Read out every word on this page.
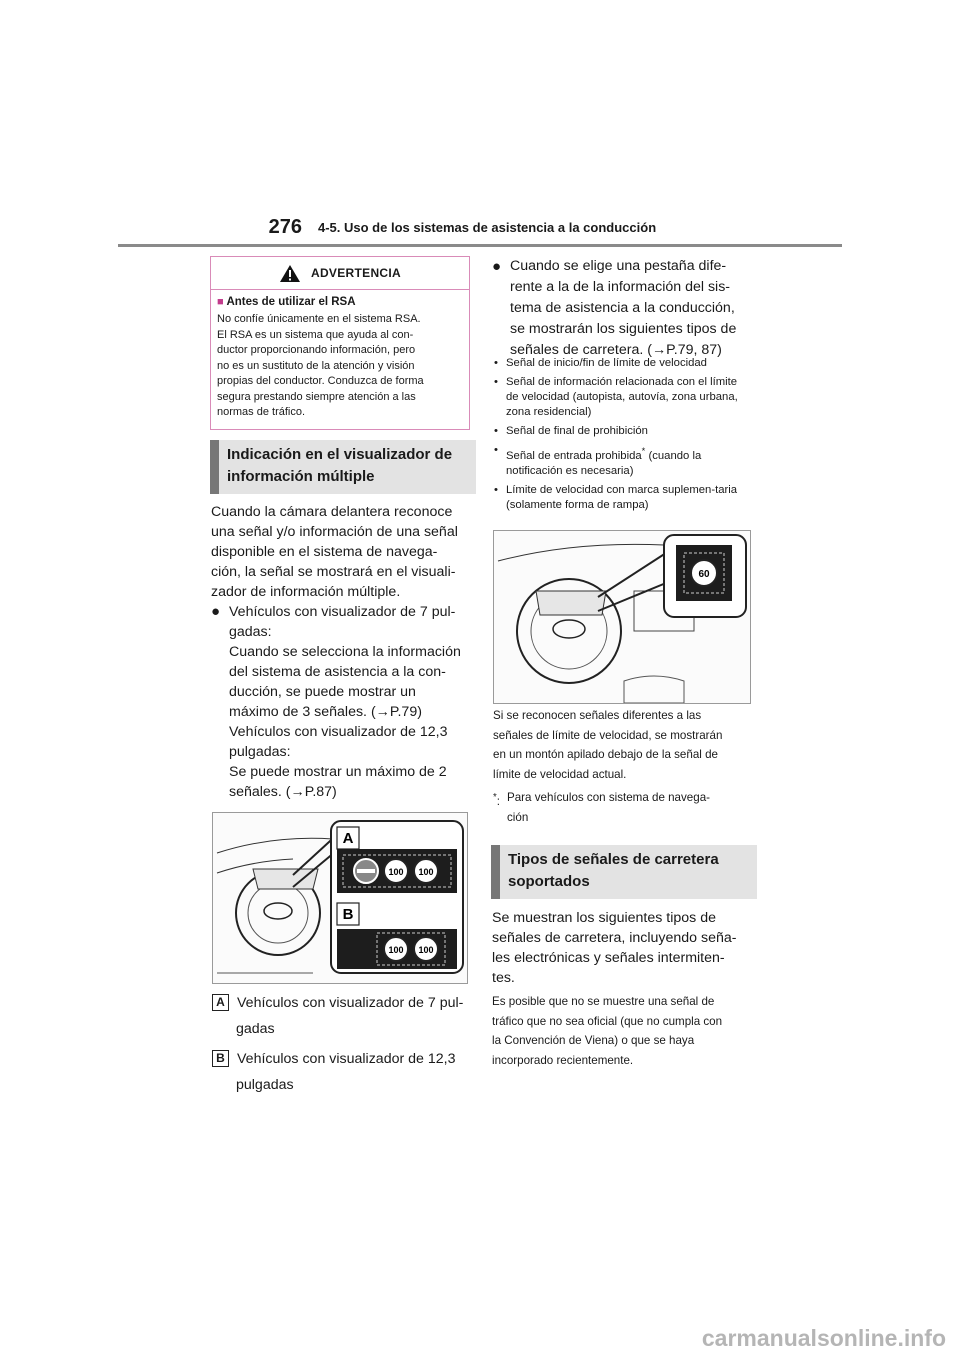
276 4-5. Uso de los sistemas de asistencia a la conducción
ADVERTENCIA
■ Antes de utilizar el RSA
No confíe únicamente en el sistema RSA.
El RSA es un sistema que ayuda al con-
ductor proporcionando información, pero
no es un sustituto de la atención y visión
propias del conductor. Conduzca de forma
segura prestando siempre atención a las
normas de tráfico.
Indicación en el visualizador de
información múltiple
Cuando la cámara delantera reconoce
una señal y/o información de una señal
disponible en el sistema de navega-
ción, la señal se mostrará en el visuali-
zador de información múltiple.
● Vehículos con visualizador de 7 pul-
gadas:
Cuando se selecciona la información
del sistema de asistencia a la con-
ducción, se puede mostrar un
máximo de 3 señales. (→P.79)
Vehículos con visualizador de 12,3
pulgadas:
Se puede mostrar un máximo de 2
señales. (→P.87)
A
B
100 100
100 100
A Vehículos con visualizador de 7 pul-
gadas
B Vehículos con visualizador de 12,3
pulgadas
● Cuando se elige una pestaña dife-
rente a la de la información del sis-
tema de asistencia a la conducción,
se mostrarán los siguientes tipos de
señales de carretera. (→P.79, 87)
• Señal de inicio/fin de límite de velocidad
• Señal de información relacionada con el límite de velocidad (autopista, autovía, zona urbana, zona residencial)
• Señal de final de prohibición
• Señal de entrada prohibida* (cuando la notificación es necesaria)
• Límite de velocidad con marca suplemen-taria (solamente forma de rampa)
60
Si se reconocen señales diferentes a las
señales de límite de velocidad, se mostrarán
en un montón apilado debajo de la señal de
límite de velocidad actual.
*: Para vehículos con sistema de navega-
ción
Tipos de señales de carretera
soportados
Se muestran los siguientes tipos de
señales de carretera, incluyendo seña-
les electrónicas y señales intermiten-
tes.
Es posible que no se muestre una señal de
tráfico que no sea oficial (que no cumpla con
la Convención de Viena) o que se haya
incorporado recientemente.
carmanualsonline.info
